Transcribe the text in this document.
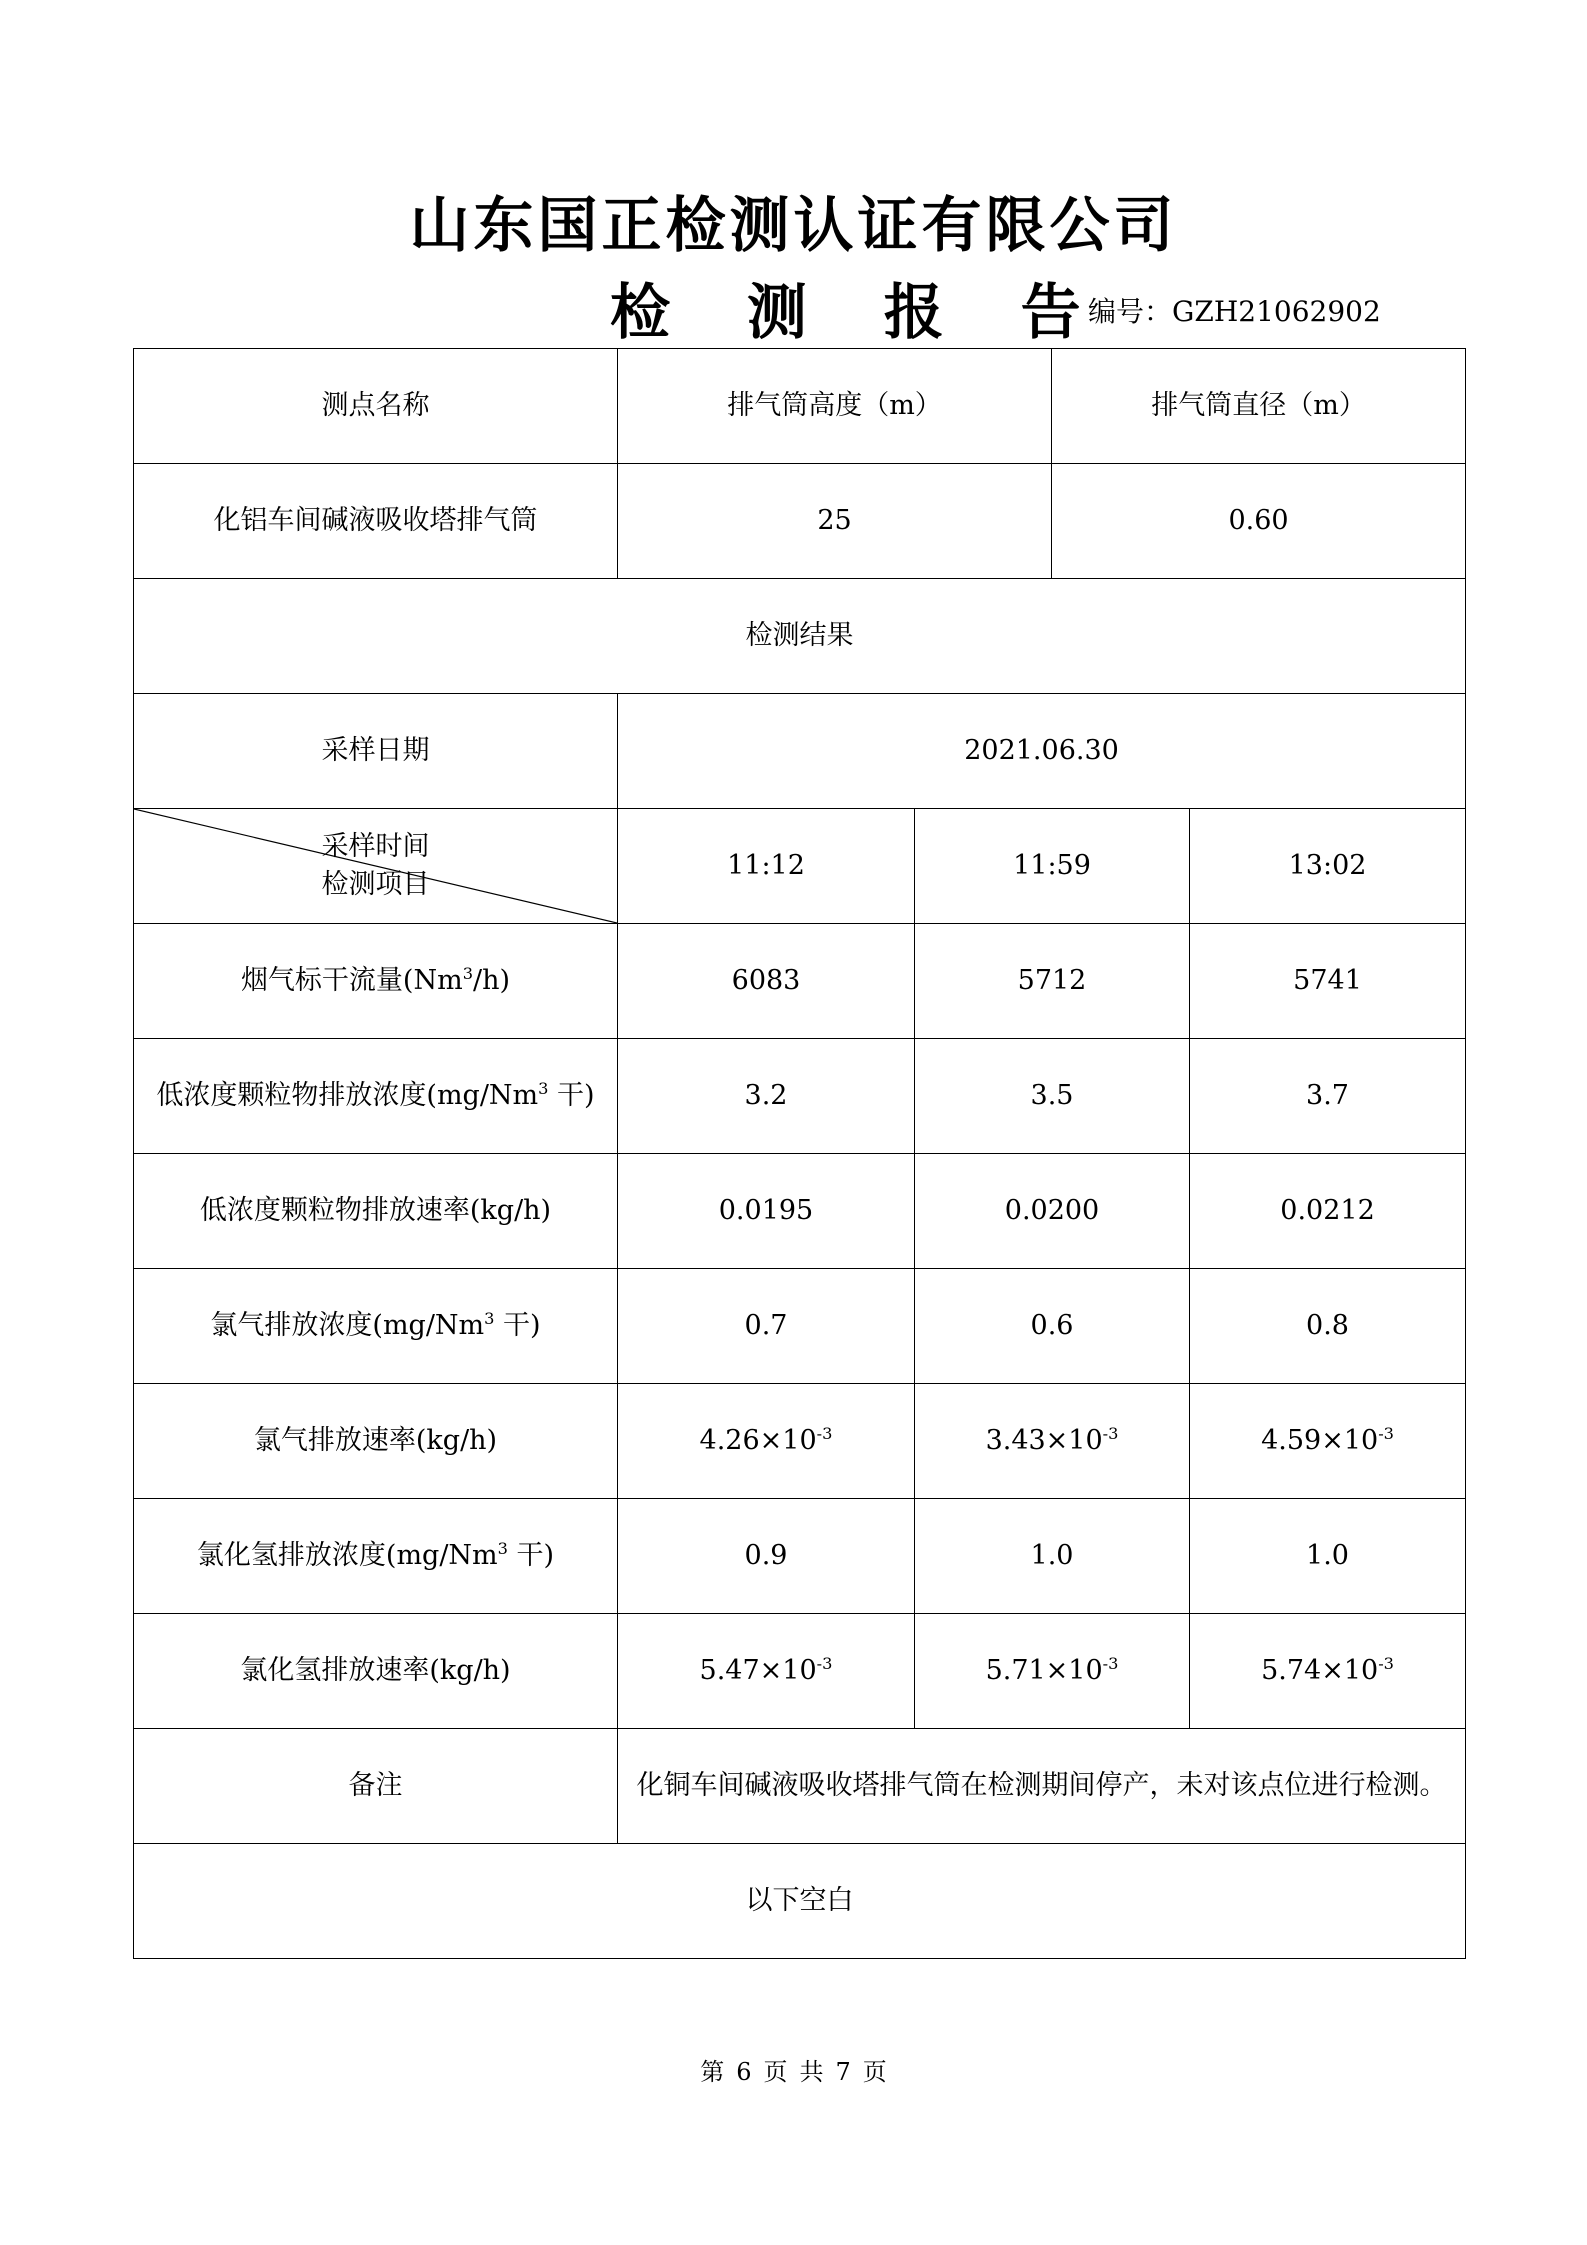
山东国正检测认证有限公司
检 测 报 告
编号：GZH21062902
测点名称	排气筒高度（m）		排气筒直径（m）	
化铝车间碱液吸收塔排气筒	25		0.60	
检测结果				
采样日期	2021.06.30			

采样时间
检测项目	11:12	11:59		13:02
烟气标干流量(Nm$^3$/h)	6083	5712		5741
低浓度颗粒物排放浓度(mg/Nm$^3$ 干)	3.2	3.5		3.7
低浓度颗粒物排放速率(kg/h)	0.0195	0.0200		0.0212
氯气排放浓度(mg/Nm$^3$ 干)	0.7	0.6		0.8
氯气排放速率(kg/h)	$4.26\times 10^{-3}$	$3.43\times 10^{-3}$		$4.59\times 10^{-3}$
氯化氢排放浓度(mg/Nm$^3$ 干)	0.9	1.0		1.0
氯化氢排放速率(kg/h)	$5.47\times 10^{-3}$	$5.71\times 10^{-3}$		$5.74\times 10^{-3}$
备注	化铜车间碱液吸收塔排气筒在检测期间停产，未对该点位进行检测。			
以下空白				
第 6 页 共 7 页
